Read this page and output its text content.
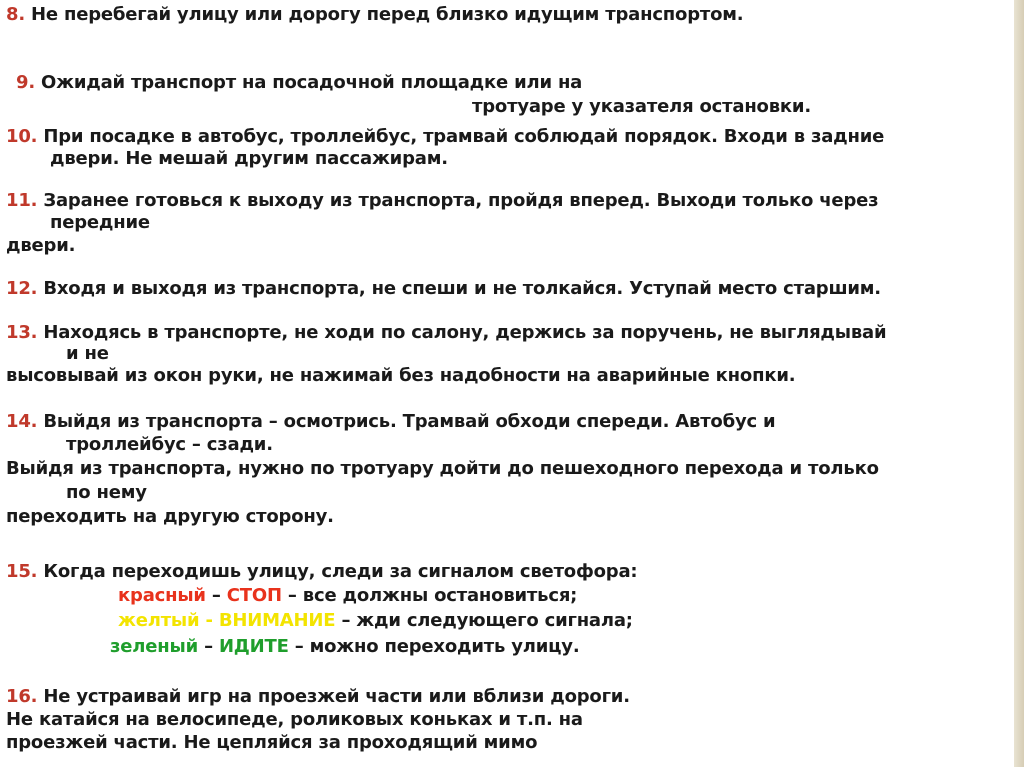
8. Не перебегай улицу или дорогу перед близко идущим транспортом.

9. Ожидай транспорт на посадочной площадке или на

тротуаре у указателя остановки.

10. При посадке в автобус, троллейбус, трамвай соблюдай порядок. Входи в задние

двери. Не мешай другим пассажирам.

11. Заранее готовься к выходу из транспорта, пройдя вперед. Выходи только через

передние

двери.

12. Входя и выходя из транспорта, не спеши и не толкайся. Уступай место старшим.

13. Находясь в транспорте, не ходи по салону, держись за поручень, не выглядывай

и не

высовывай из окон руки, не нажимай без надобности на аварийные кнопки.

14. Выйдя из транспорта – осмотрись. Трамвай обходи спереди. Автобус и

троллейбус – сзади.

Выйдя из транспорта, нужно по тротуару дойти до пешеходного перехода и только

по нему

переходить на другую сторону.

15. Когда переходишь улицу, следи за сигналом светофора:

красный – СТОП – все должны остановиться;

желтый - ВНИМАНИЕ – жди следующего сигнала;

зеленый – ИДИТЕ – можно переходить улицу.

16. Не устраивай игр на проезжей части или вблизи дороги.

Не катайся на велосипеде, роликовых коньках и т.п. на

проезжей части. Не цепляйся за проходящий мимо
